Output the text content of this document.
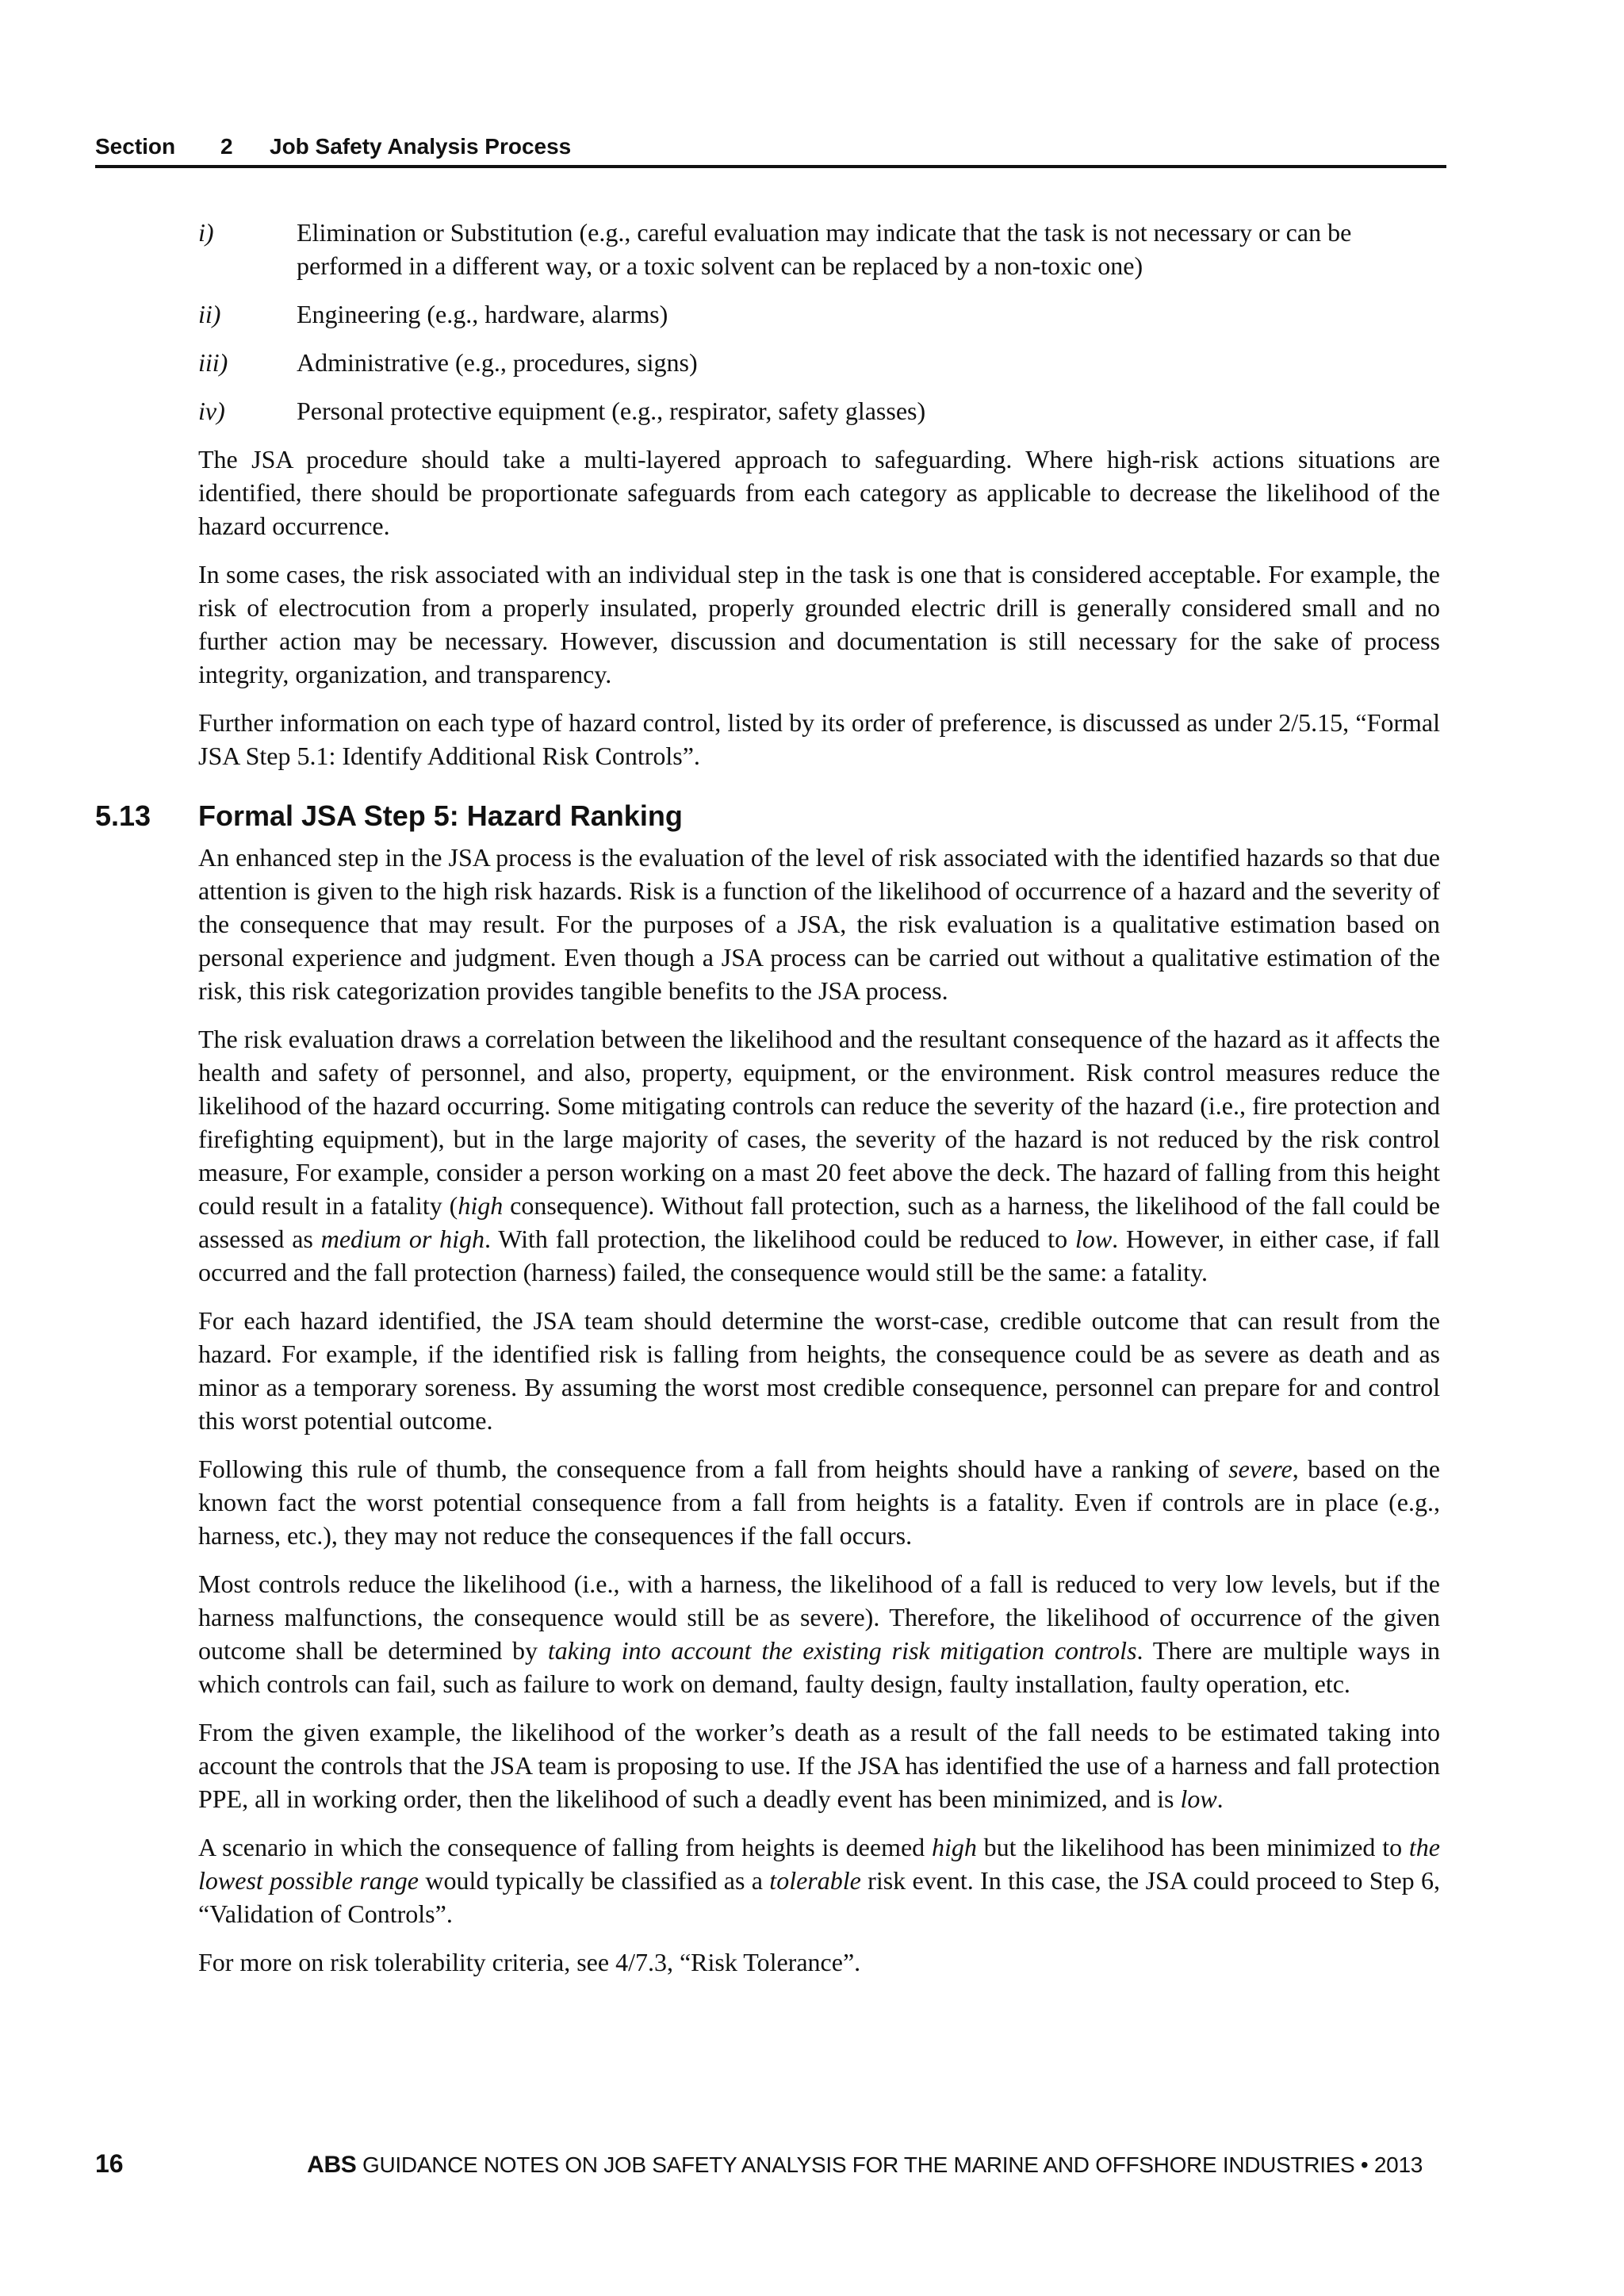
Section 2 Job Safety Analysis Process
i)	Elimination or Substitution (e.g., careful evaluation may indicate that the task is not necessary or can be performed in a different way, or a toxic solvent can be replaced by a non-toxic one)
ii)	Engineering (e.g., hardware, alarms)
iii)	Administrative (e.g., procedures, signs)
iv)	Personal protective equipment (e.g., respirator, safety glasses)

The JSA procedure should take a multi-layered approach to safeguarding. Where high-risk actions situations are identified, there should be proportionate safeguards from each category as applicable to decrease the likelihood of the hazard occurrence.

In some cases, the risk associated with an individual step in the task is one that is considered acceptable. For example, the risk of electrocution from a properly insulated, properly grounded electric drill is generally considered small and no further action may be necessary. However, discussion and documentation is still necessary for the sake of process integrity, organization, and transparency.

Further information on each type of hazard control, listed by its order of preference, is discussed as under 2/5.15, “Formal JSA Step 5.1: Identify Additional Risk Controls”.

5.13	Formal JSA Step 5: Hazard Ranking

An enhanced step in the JSA process is the evaluation of the level of risk associated with the identified hazards so that due attention is given to the high risk hazards. Risk is a function of the likelihood of occurrence of a hazard and the severity of the consequence that may result. For the purposes of a JSA, the risk evaluation is a qualitative estimation based on personal experience and judgment. Even though a JSA process can be carried out without a qualitative estimation of the risk, this risk categorization provides tangible benefits to the JSA process.

The risk evaluation draws a correlation between the likelihood and the resultant consequence of the hazard as it affects the health and safety of personnel, and also, property, equipment, or the environment. Risk control measures reduce the likelihood of the hazard occurring. Some mitigating controls can reduce the severity of the hazard (i.e., fire protection and firefighting equipment), but in the large majority of cases, the severity of the hazard is not reduced by the risk control measure, For example, consider a person working on a mast 20 feet above the deck. The hazard of falling from this height could result in a fatality (high consequence). Without fall protection, such as a harness, the likelihood of the fall could be assessed as medium or high. With fall protection, the likelihood could be reduced to low. However, in either case, if fall occurred and the fall protection (harness) failed, the consequence would still be the same: a fatality.

For each hazard identified, the JSA team should determine the worst-case, credible outcome that can result from the hazard. For example, if the identified risk is falling from heights, the consequence could be as severe as death and as minor as a temporary soreness. By assuming the worst most credible consequence, personnel can prepare for and control this worst potential outcome.

Following this rule of thumb, the consequence from a fall from heights should have a ranking of severe, based on the known fact the worst potential consequence from a fall from heights is a fatality. Even if controls are in place (e.g., harness, etc.), they may not reduce the consequences if the fall occurs.

Most controls reduce the likelihood (i.e., with a harness, the likelihood of a fall is reduced to very low levels, but if the harness malfunctions, the consequence would still be as severe). Therefore, the likelihood of occurrence of the given outcome shall be determined by taking into account the existing risk mitigation controls. There are multiple ways in which controls can fail, such as failure to work on demand, faulty design, faulty installation, faulty operation, etc.

From the given example, the likelihood of the worker’s death as a result of the fall needs to be estimated taking into account the controls that the JSA team is proposing to use. If the JSA has identified the use of a harness and fall protection PPE, all in working order, then the likelihood of such a deadly event has been minimized, and is low.

A scenario in which the consequence of falling from heights is deemed high but the likelihood has been minimized to the lowest possible range would typically be classified as a tolerable risk event. In this case, the JSA could proceed to Step 6, “Validation of Controls”.

For more on risk tolerability criteria, see 4/7.3, “Risk Tolerance”.

16	ABS GUIDANCE NOTES ON JOB SAFETY ANALYSIS FOR THE MARINE AND OFFSHORE INDUSTRIES • 2013
